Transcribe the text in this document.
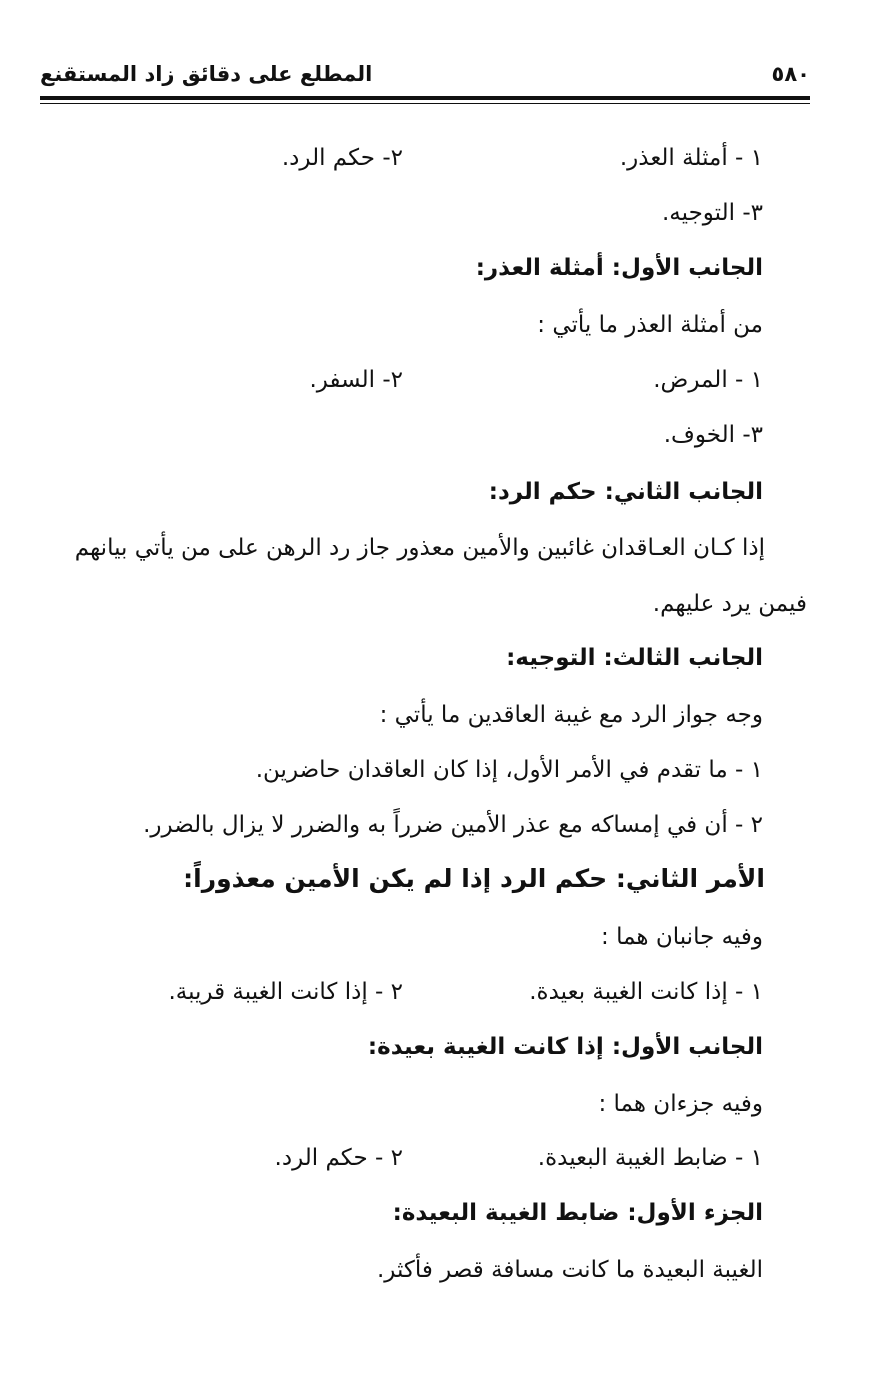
٥٨٠
المطلع على دقائق زاد المستقنع
١ - أمثلة العذر.
٢- حكم الرد.
٣- التوجيه.
الجانب الأول: أمثلة العذر:
من أمثلة العذر ما يأتي :
١ - المرض.
٢- السفر.
٣- الخوف.
الجانب الثاني: حكم الرد:
إذا كـان العـاقدان غائبين والأمين معذور جاز رد الرهن على من يأتي بيانهم
فيمن يرد عليهم.
الجانب الثالث: التوجيه:
وجه جواز الرد مع غيبة العاقدين ما يأتي :
١ - ما تقدم في الأمر الأول، إذا كان العاقدان حاضرين.
٢ - أن في إمساكه مع عذر الأمين ضرراً به والضرر لا يزال بالضرر.
الأمر الثاني: حكم الرد إذا لم يكن الأمين معذوراً:
وفيه جانبان هما :
١ - إذا كانت الغيبة بعيدة.
٢ - إذا كانت الغيبة قريبة.
الجانب الأول: إذا كانت الغيبة بعيدة:
وفيه جزءان هما :
١ - ضابط الغيبة البعيدة.
٢ - حكم الرد.
الجزء الأول: ضابط الغيبة البعيدة:
الغيبة البعيدة ما كانت مسافة قصر فأكثر.
